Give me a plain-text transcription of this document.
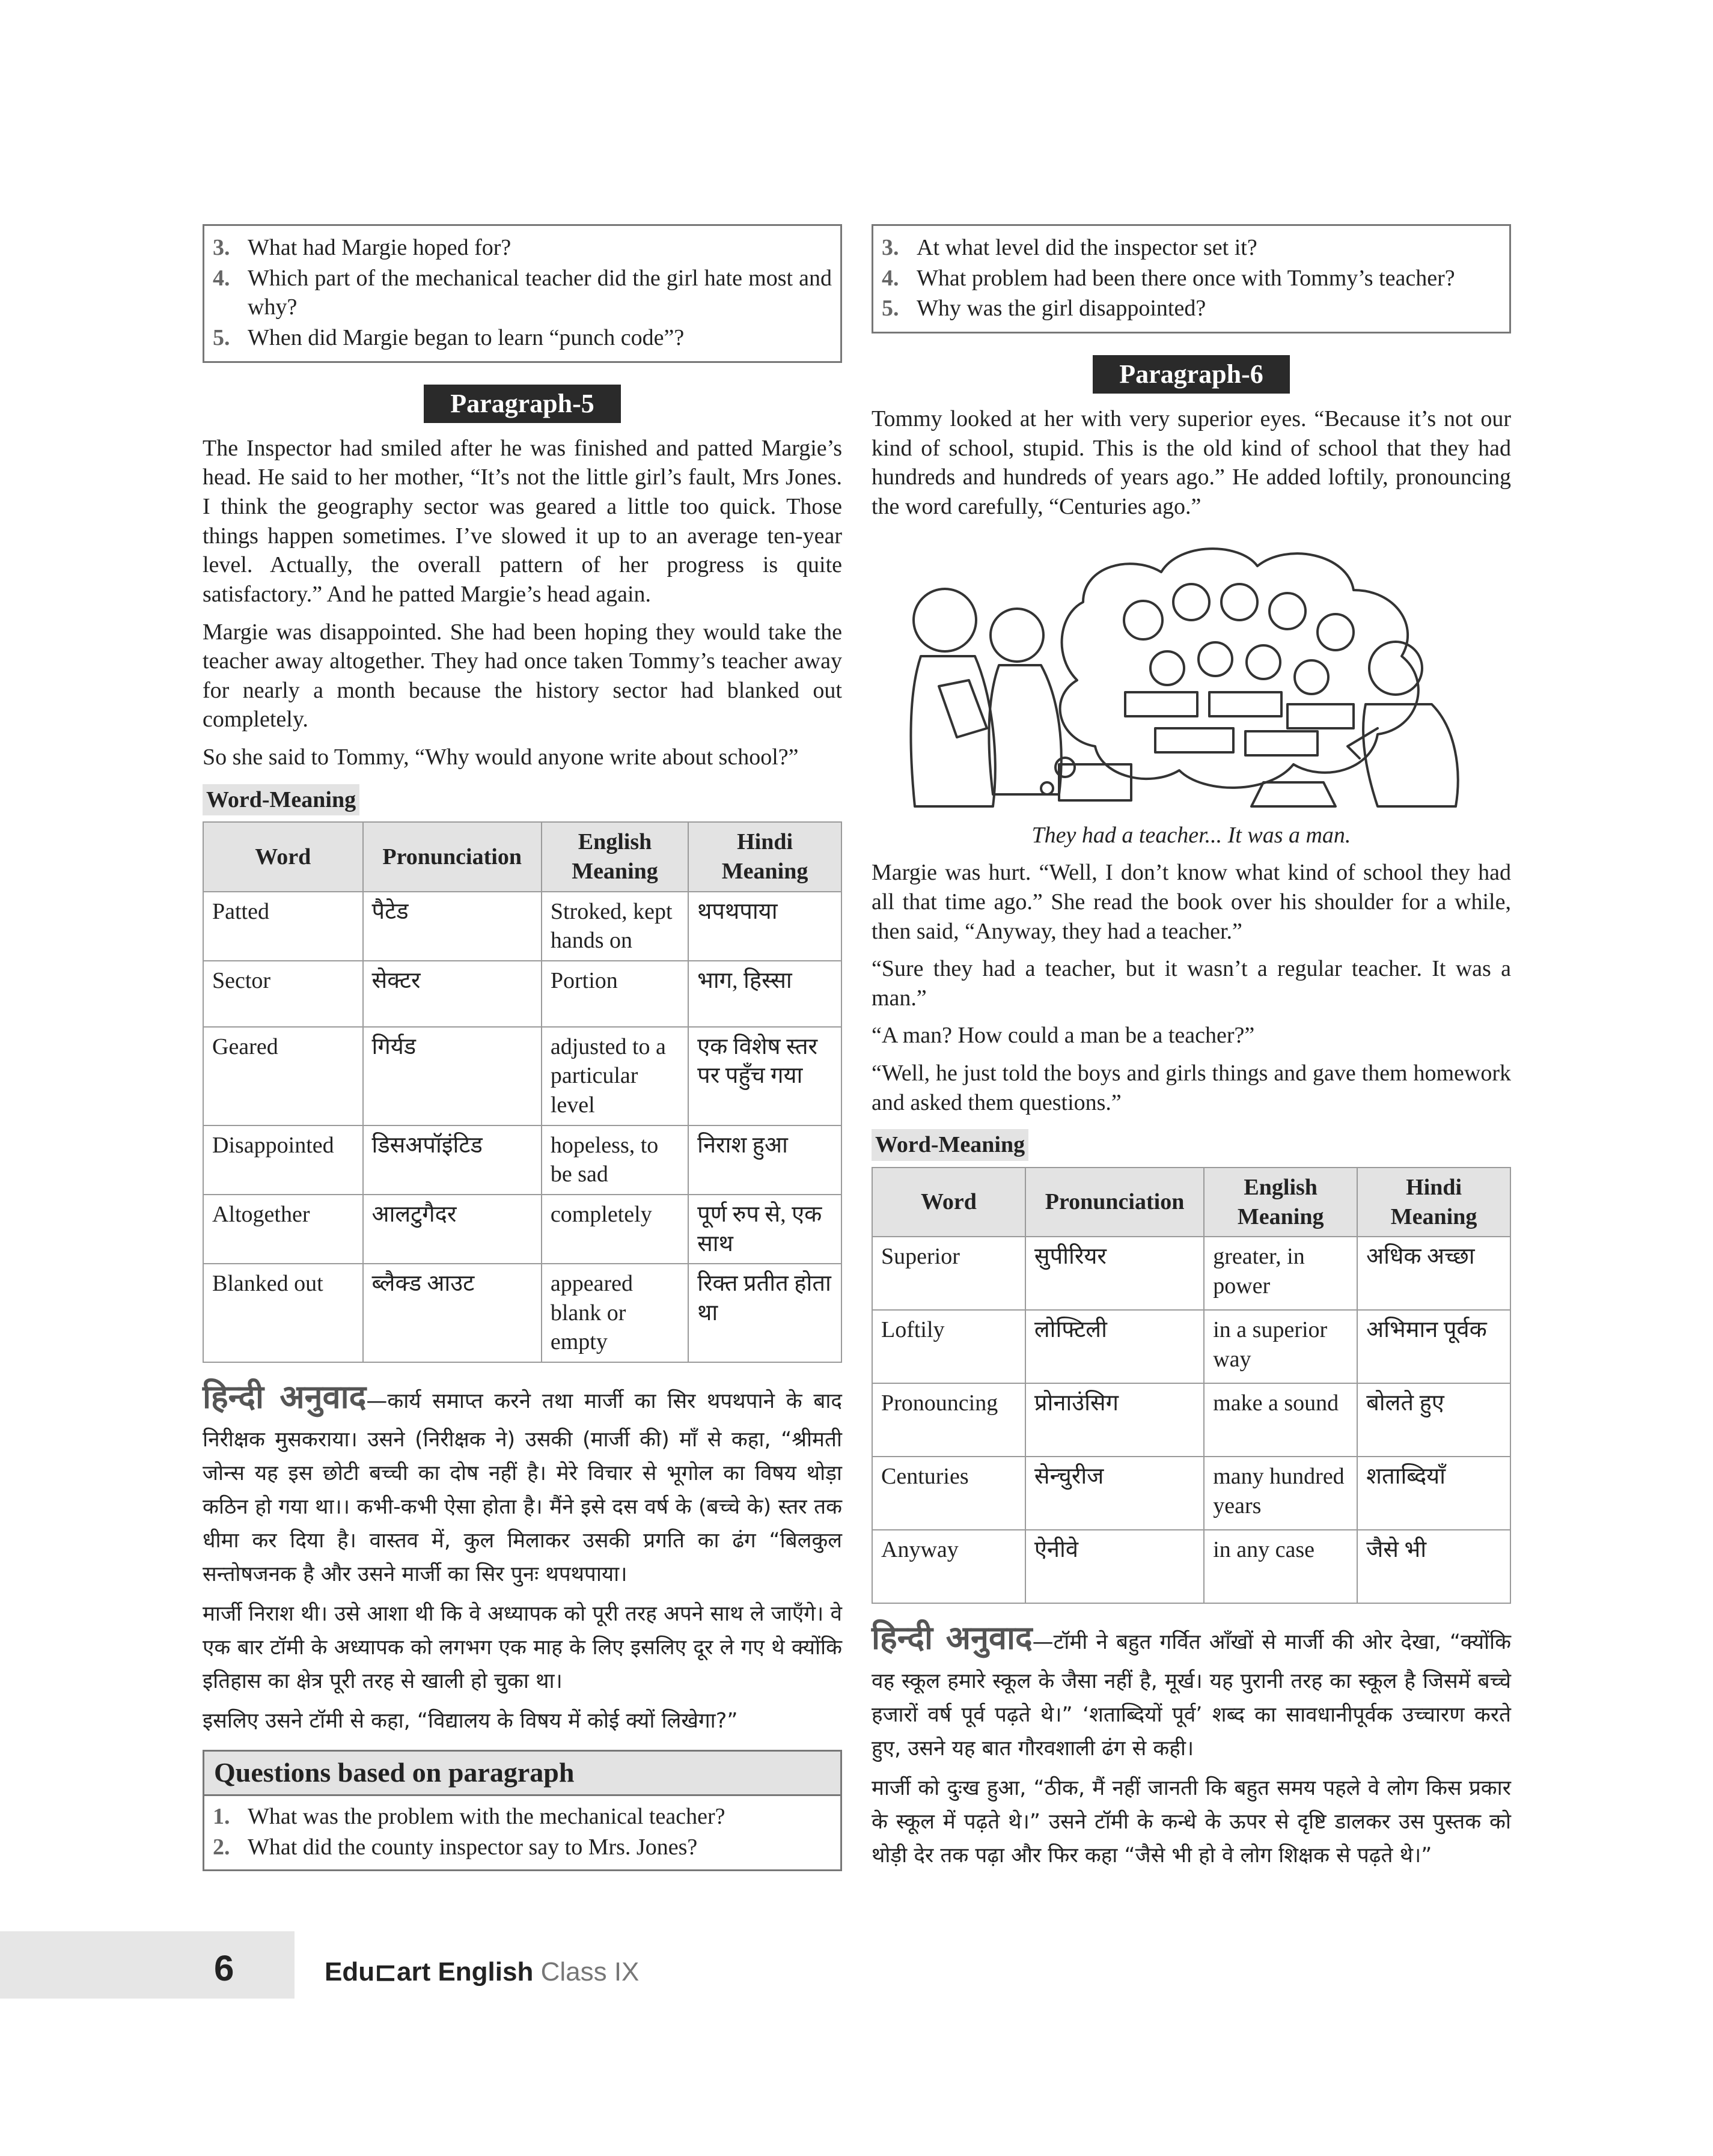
3. What had Margie hoped for?
4. Which part of the mechanical teacher did the girl hate most and why?
5. When did Margie began to learn “punch code”?
Paragraph-5

The Inspector had smiled after he was finished and patted Margie’s head. He said to her mother, “It’s not the little girl’s fault, Mrs Jones. I think the geography sector was geared a little too quick. Those things happen sometimes. I’ve slowed it up to an average ten-year level. Actually, the overall pattern of her progress is quite satisfactory.” And he patted Margie’s head again.

Margie was disappointed. She had been hoping they would take the teacher away altogether. They had once taken Tommy’s teacher away for nearly a month because the history sector had blanked out completely.

So she said to Tommy, “Why would anyone write about school?”

Word-Meaning
Word	Pronunciation	English Meaning	Hindi Meaning
Patted	पैटेड	Stroked, kept hands on	थपथपाया
Sector	सेक्टर	Portion	भाग, हिस्सा
Geared	गिर्यड	adjusted to a particular level	एक विशेष स्तर पर पहुँच गया
Disappointed	डिसअपॉइंटिड	hopeless, to be sad	निराश हुआ
Altogether	आलटुगैदर	completely	पूर्ण रुप से, एक साथ
Blanked out	ब्लैक्ड आउट	appeared blank or empty	रिक्त प्रतीत होता था

हिन्दी अनुवाद—कार्य समाप्त करने तथा मार्जी का सिर थपथपाने के बाद निरीक्षक मुसकराया। उसने (निरीक्षक ने) उसकी (मार्जी की) माँ से कहा, “श्रीमती जोन्स यह इस छोटी बच्ची का दोष नहीं है। मेरे विचार से भूगोल का विषय थोड़ा कठिन हो गया था।। कभी-कभी ऐसा होता है। मैंने इसे दस वर्ष के (बच्चे के) स्तर तक धीमा कर दिया है। वास्तव में, कुल मिलाकर उसकी प्रगति का ढंग “बिलकुल सन्तोषजनक है और उसने मार्जी का सिर पुनः थपथपाया।

मार्जी निराश थी। उसे आशा थी कि वे अध्यापक को पूरी तरह अपने साथ ले जाएँगे। वे एक बार टॉमी के अध्यापक को लगभग एक माह के लिए इसलिए दूर ले गए थे क्योंकि इतिहास का क्षेत्र पूरी तरह से खाली हो चुका था।

इसलिए उसने टॉमी से कहा, “विद्यालय के विषय में कोई क्यों लिखेगा?”

Questions based on paragraph
1. What was the problem with the mechanical teacher?
2. What did the county inspector say to Mrs. Jones?
3. At what level did the inspector set it?
4. What problem had been there once with Tommy’s teacher?
5. Why was the girl disappointed?
Paragraph-6

Tommy looked at her with very superior eyes. “Because it’s not our kind of school, stupid. This is the old kind of school that they had hundreds and hundreds of years ago.” He added loftily, pronouncing the word carefully, “Centuries ago.”

They had a teacher... It was a man.

Margie was hurt. “Well, I don’t know what kind of school they had all that time ago.” She read the book over his shoulder for a while, then said, “Anyway, they had a teacher.”

“Sure they had a teacher, but it wasn’t a regular teacher. It was a man.”

“A man? How could a man be a teacher?”

“Well, he just told the boys and girls things and gave them homework and asked them questions.”

Word-Meaning
Word	Pronunciation	English Meaning	Hindi Meaning
Superior	सुपीरियर	greater, in power	अधिक अच्छा
Loftily	लोफ्टिली	in a superior way	अभिमान पूर्वक
Pronouncing	प्रोनाउंसिग	make a sound	बोलते हुए
Centuries	सेन्चुरीज	many hundred years	शताब्दियाँ
Anyway	ऐनीवे	in any case	जैसे भी

हिन्दी अनुवाद—टॉमी ने बहुत गर्वित आँखों से मार्जी की ओर देखा, “क्योंकि वह स्कूल हमारे स्कूल के जैसा नहीं है, मूर्ख। यह पुरानी तरह का स्कूल है जिसमें बच्चे हजारों वर्ष पूर्व पढ़ते थे।” ‘शताब्दियों पूर्व’ शब्द का सावधानीपूर्वक उच्चारण करते हुए, उसने यह बात गौरवशाली ढंग से कही।

मार्जी को दुःख हुआ, “ठीक, मैं नहीं जानती कि बहुत समय पहले वे लोग किस प्रकार के स्कूल में पढ़ते थे।” उसने टॉमी के कन्धे के ऊपर से दृष्टि डालकर उस पुस्तक को थोड़ी देर तक पढ़ा और फिर कहा “जैसे भी हो वे लोग शिक्षक से पढ़ते थे।”

6	Edu⊏art English Class IX
